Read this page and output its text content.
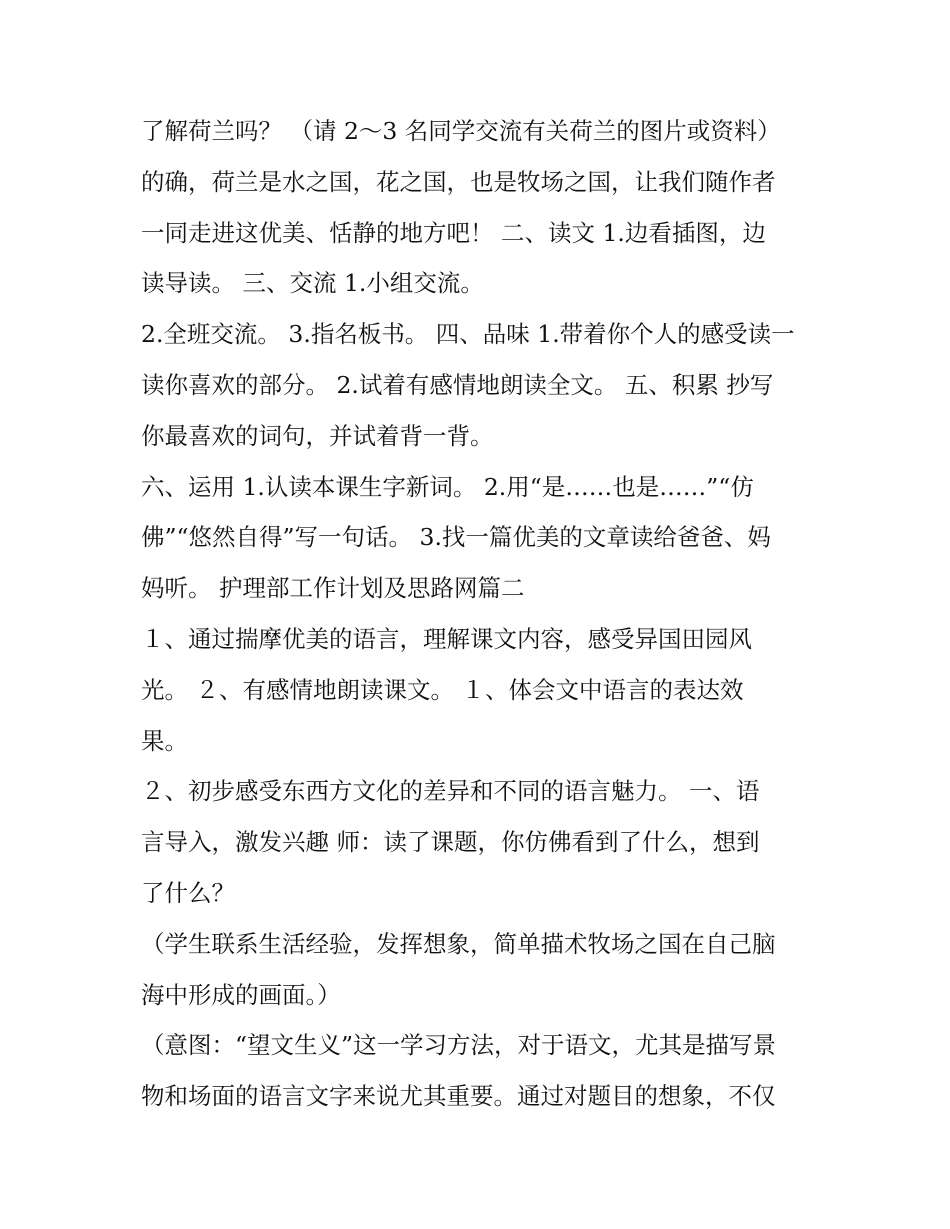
了解荷兰吗？ （请 2～3 名同学交流有关荷兰的图片或资料）
的确，荷兰是水之国，花之国，也是牧场之国，让我们随作者
一同走进这优美、恬静的地方吧！ 二、读文 1.边看插图，边
读导读。 三、交流 1.小组交流。
2.全班交流。 3.指名板书。 四、品味 1.带着你个人的感受读一
读你喜欢的部分。 2.试着有感情地朗读全文。 五、积累 抄写
你最喜欢的词句，并试着背一背。
六、运用 1.认读本课生字新词。 2.用“是……也是……”“仿
佛”“悠然自得”写一句话。 3.找一篇优美的文章读给爸爸、妈
妈听。 护理部工作计划及思路网篇二
１、通过揣摩优美的语言，理解课文内容，感受异国田园风
光。 ２、有感情地朗读课文。 １、体会文中语言的表达效
果。
２、初步感受东西方文化的差异和不同的语言魅力。 一、语
言导入，激发兴趣 师：读了课题，你仿佛看到了什么，想到
了什么？
（学生联系生活经验，发挥想象，简单描术牧场之国在自己脑
海中形成的画面。）
（意图：“望文生义”这一学习方法，对于语文，尤其是描写景
物和场面的语言文字来说尤其重要。通过对题目的想象，不仅
